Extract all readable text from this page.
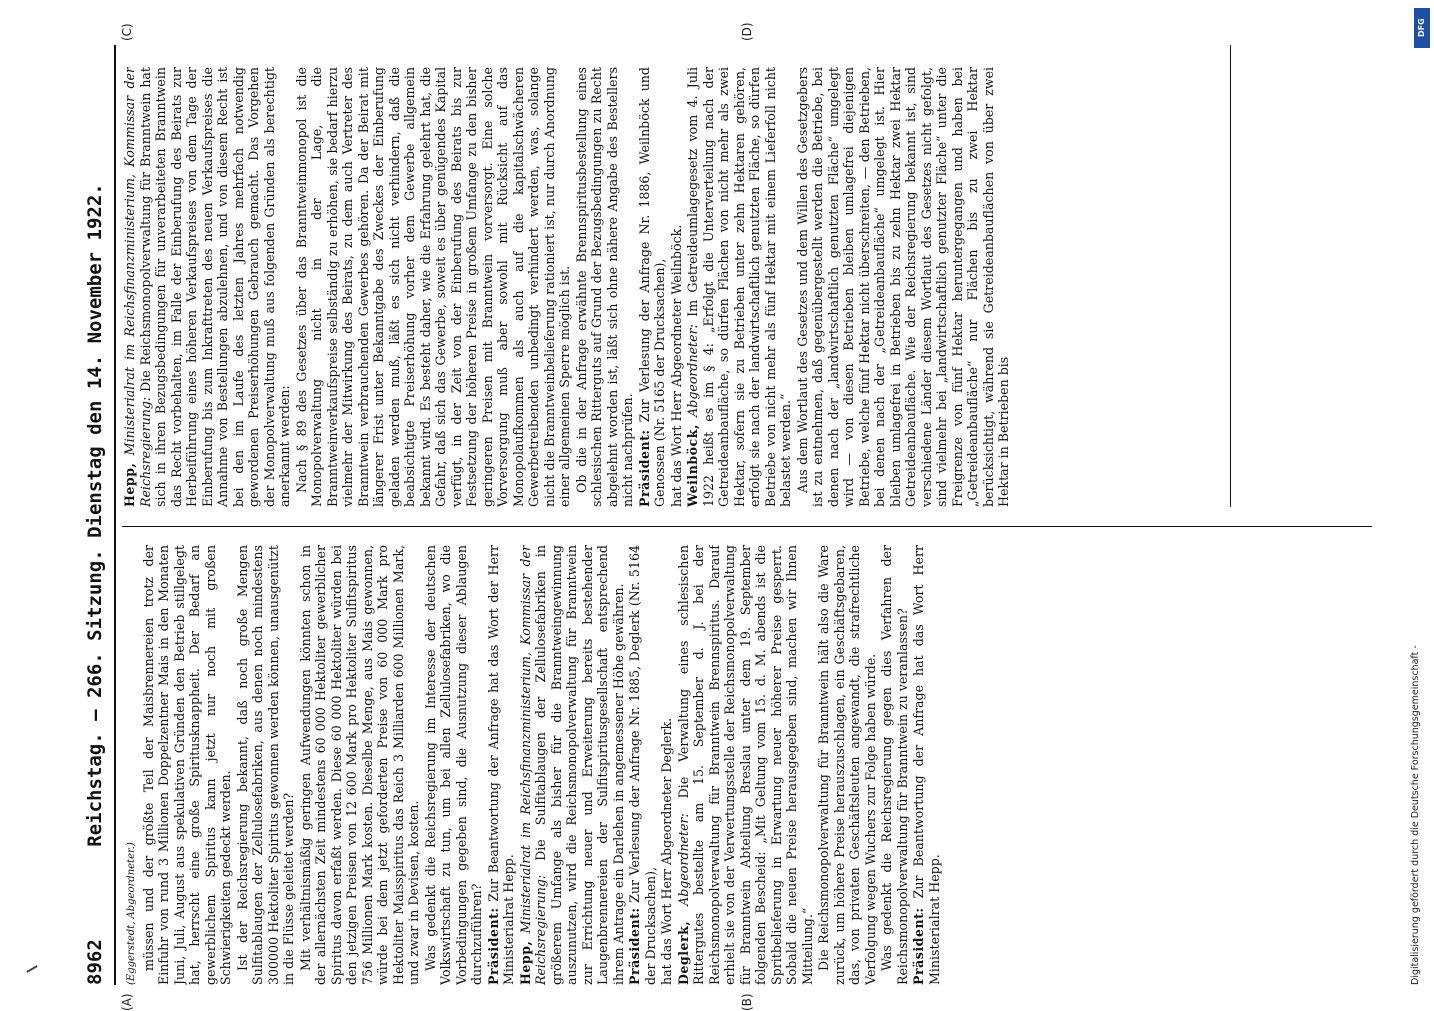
8962
Reichstag. — 266. Sitzung. Dienstag den 14. November 1922.
(A)	(B)
(C)	(D)

(Eggerstedt, Abgeordneter.) müssen und der größte Teil der Maisbrennereien trotz der Einfuhr von rund 3 Millionen Doppelzentner Mais in den Monaten Juni, Juli, August aus spekulativen Gründen den Betrieb stillgelegt hat, herrscht eine große Spiritusknappheit. Der Bedarf an gewerblichem Spiritus kann jetzt nur noch mit großen Schwierigkeiten gedeckt werden. Ist der Reichsregierung bekannt, daß noch große Mengen Sulfitablaugen der Zellulosefabriken, aus denen noch mindestens 300000 Hektoliter Spiritus gewonnen werden können, unausgenützt in die Flüsse geleitet werden? Mit verhältnismäßig geringen Aufwendungen könnten schon in der allernächsten Zeit mindestens 60 000 Hektoliter gewerblicher Spiritus davon erfaßt werden. Diese 60 000 Hektoliter würden bei den jetzigen Preisen von 12 600 Mark pro Hektoliter Sulfitspiritus 756 Millionen Mark kosten. Dieselbe Menge, aus Mais gewonnen, würde bei dem jetzt geforderten Preise von 60 000 Mark pro Hektoliter Maisspiritus das Reich 3 Milliarden 600 Millionen Mark, und zwar in Devisen, kosten. Was gedenkt die Reichsregierung im Interesse der deutschen Volkswirtschaft zu tun, um bei allen Zellulosefabriken, wo die Vorbedingungen gegeben sind, die Ausnutzung dieser Ablaugen durchzuführen? Präsident: Zur Beantwortung der Anfrage hat das Wort der Herr Ministerialrat Hepp. Hepp, Ministerialrat im Reichsfinanzministerium, Kommissar der Reichsregierung: Die Sulfitablaugen der Zellulosefabriken in größerem Umfange als bisher für die Branntweingewinnung auszunutzen, wird die Reichsmonopolverwaltung für Branntwein zur Errichtung neuer und Erweiterung bereits bestehender Laugenbrennereien der Sulfitspiritusgesellschaft entsprechend ihrem Antrage ein Darlehen in angemessener Höhe gewähren. Präsident: Zur Verlesung der Anfrage Nr. 1885, Deglerk (Nr. 5164 der Drucksachen), hat das Wort Herr Abgeordneter Deglerk. Deglerk, Abgeordneter: Die Verwaltung eines schlesischen Rittergutes bestellte am 15. September d. J. bei der Reichsmonopolverwaltung für Branntwein Brennspiritus. Darauf erhielt sie von der Verwertungsstelle der Reichsmonopolverwaltung für Branntwein Abteilung Breslau unter dem 19. September folgenden Bescheid: „Mit Geltung vom 15. d. M. abends ist die Spritbelieferung in Erwartung neuer höherer Preise gesperrt. Sobald die neuen Preise herausgegeben sind, machen wir Ihnen Mitteilung.“ Die Reichsmonopolverwaltung für Branntwein hält also die Ware zurück, um höhere Preise herauszuschlagen, ein Geschäftsgebaren, das, von privaten Geschäftsleuten angewandt, die strafrechtliche Verfolgung wegen Wuchers zur Folge haben würde. Was gedenkt die Reichsregierung gegen dies Verfahren der Reichsmonopolverwaltung für Branntwein zu veranlassen? Präsident: Zur Beantwortung der Anfrage hat das Wort Herr Ministerialrat Hepp.

Hepp, Ministerialrat im Reichsfinanzministerium, Kommissar der Reichsregierung: Die Reichsmonopolverwaltung für Branntwein hat sich in ihren Bezugsbedingungen für unverarbeiteten Branntwein das Recht vorbehalten, im Falle der Einberufung des Beirats zur Herbeiführung eines höheren Verkaufspreises von dem Tage der Einberufung bis zum Inkrafttreten des neuen Verkaufspreises die Annahme von Bestellungen abzulehnen, und von diesem Recht ist bei den im Laufe des letzten Jahres mehrfach notwendig gewordenen Preiserhöhungen Gebrauch gemacht. Das Vorgehen der Monopolverwaltung muß aus folgenden Gründen als berechtigt anerkannt werden: Nach § 89 des Gesetzes über das Branntweinmonopol ist die Monopolverwaltung nicht in der Lage, die Branntweinverkaufspreise selbständig zu erhöhen, sie bedarf hierzu vielmehr der Mitwirkung des Beirats, zu dem auch Vertreter des Branntwein verbrauchenden Gewerbes gehören. Da der Beirat mit längerer Frist unter Bekanntgabe des Zweckes der Einberufung geladen werden muß, läßt es sich nicht verhindern, daß die beabsichtigte Preiserhöhung vorher dem Gewerbe allgemein bekannt wird. Es besteht daher, wie die Erfahrung gelehrt hat, die Gefahr, daß sich das Gewerbe, soweit es über genügendes Kapital verfügt, in der Zeit von der Einberufung des Beirats bis zur Festsetzung der höheren Preise in großem Umfange zu den bisher geringeren Preisen mit Branntwein vorversorgt. Eine solche Vorversorgung muß aber sowohl mit Rücksicht auf das Monopolaufkommen als auch auf die kapitalschwächeren Gewerbetreibenden unbedingt verhindert werden, was, solange nicht die Branntweinbelieferung rationiert ist, nur durch Anordnung einer allgemeinen Sperre möglich ist. Ob die in der Anfrage erwähnte Brennspiritusbestellung eines schlesischen Ritterguts auf Grund der Bezugsbedingungen zu Recht abgelehnt worden ist, läßt sich ohne nähere Angabe des Bestellers nicht nachprüfen. Präsident: Zur Verlesung der Anfrage Nr. 1886, Weilnböck und Genossen (Nr. 5165 der Drucksachen), hat das Wort Herr Abgeordneter Weilnböck. Weilnböck, Abgeordneter: Im Getreideumlagegesetz vom 4. Juli 1922 heißt es im § 4: „Erfolgt die Unterverteilung nach der Getreideanbaufläche, so dürfen Flächen von nicht mehr als zwei Hektar, sofern sie zu Betrieben unter zehn Hektaren gehören, erfolgt sie nach der landwirtschaftlich genutzten Fläche, so dürfen Betriebe von nicht mehr als fünf Hektar mit einem Lieferfoll nicht belastet werden.“ Aus dem Wortlaut des Gesetzes und dem Willen des Gesetzgebers ist zu entnehmen, daß gegenübergestellt werden die Betriebe, bei denen nach der „landwirtschaftlich genutzten Fläche“ umgelegt wird — von diesen Betrieben bleiben umlagefrei diejenigen Betriebe, welche fünf Hektar nicht überschreiten, — den Betrieben, bei denen nach der „Getreideanbaufläche“ umgelegt ist. Hier bleiben umlagefrei in Betrieben bis zu zehn Hektar zwei Hektar Getreideanbaufläche. Wie der Reichsregierung bekannt ist, sind verschiedene Länder diesem Wortlaut des Gesetzes nicht gefolgt, sind vielmehr bei „landwirtschaftlich genutzter Fläche“ unter die Freigrenze von fünf Hektar heruntergegangen und haben bei „Getreideanbaufläche“ nur Flächen bis zu zwei Hektar berücksichtigt, während sie Getreideanbauflächen von über zwei Hektar in Betrieben bis

Digitalisierung gefördert durch die Deutsche Forschungsgemeinschaft -
DFG
